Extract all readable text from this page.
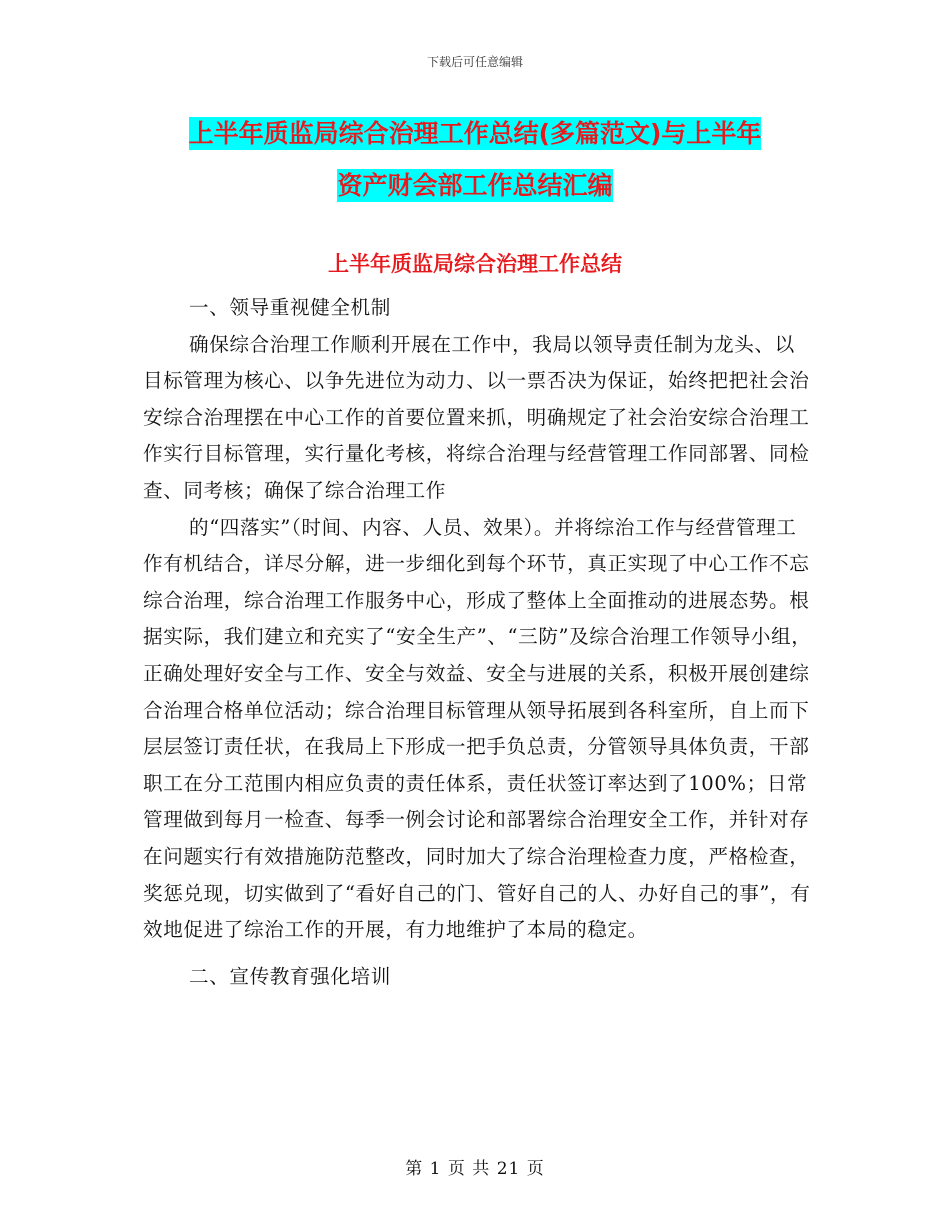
下载后可任意编辑
上半年质监局综合治理工作总结(多篇范文)与上半年
资产财会部工作总结汇编
上半年质监局综合治理工作总结

一、领导重视健全机制

确保综合治理工作顺利开展在工作中，我局以领导责任制为龙头、以目标管理为核心、以争先进位为动力、以一票否决为保证，始终把把社会治安综合治理摆在中心工作的首要位置来抓，明确规定了社会治安综合治理工作实行目标管理，实行量化考核，将综合治理与经营管理工作同部署、同检查、同考核；确保了综合治理工作

的“四落实”（时间、内容、人员、效果）。并将综治工作与经营管理工作有机结合，详尽分解，进一步细化到每个环节，真正实现了中心工作不忘综合治理，综合治理工作服务中心，形成了整体上全面推动的进展态势。根据实际，我们建立和充实了“安全生产”、“三防”及综合治理工作领导小组，正确处理好安全与工作、安全与效益、安全与进展的关系，积极开展创建综合治理合格单位活动；综合治理目标管理从领导拓展到各科室所，自上而下层层签订责任状，在我局上下形成一把手负总责，分管领导具体负责，干部职工在分工范围内相应负责的责任体系，责任状签订率达到了100%；日常管理做到每月一检查、每季一例会讨论和部署综合治理安全工作，并针对存在问题实行有效措施防范整改，同时加大了综合治理检查力度，严格检查，奖惩兑现，切实做到了“看好自己的门、管好自己的人、办好自己的事”，有效地促进了综治工作的开展，有力地维护了本局的稳定。

二、宣传教育强化培训

第 1 页 共 21 页
